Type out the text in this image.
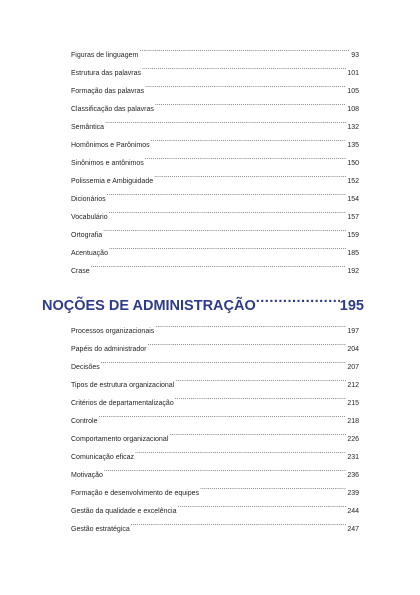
Figuras de linguagem .....	93
Estrutura das palavras .....	101
Formação das palavras .....	105
Classificação das palavras .....	108
Semântica .....	132
Homônimos e Parônimos .....	135
Sinônimos e antônimos .....	150
Polissemia e Ambiguidade .....	152
Dicionários .....	154
Vocabulário .....	157
Ortografia .....	159
Acentuação .....	185
Crase .....	192
NOÇÕES DE ADMINISTRAÇÃO .....	195
Processos organizacionais .....	197
Papéis do administrador .....	204
Decisões .....	207
Tipos de estrutura organizacional .....	212
Critérios de departamentalização .....	215
Controle .....	218
Comportamento organizacional .....	226
Comunicação eficaz .....	231
Motivação .....	236
Formação e desenvolvimento de equipes .....	239
Gestão da qualidade e excelência .....	244
Gestão estratégica .....	247
